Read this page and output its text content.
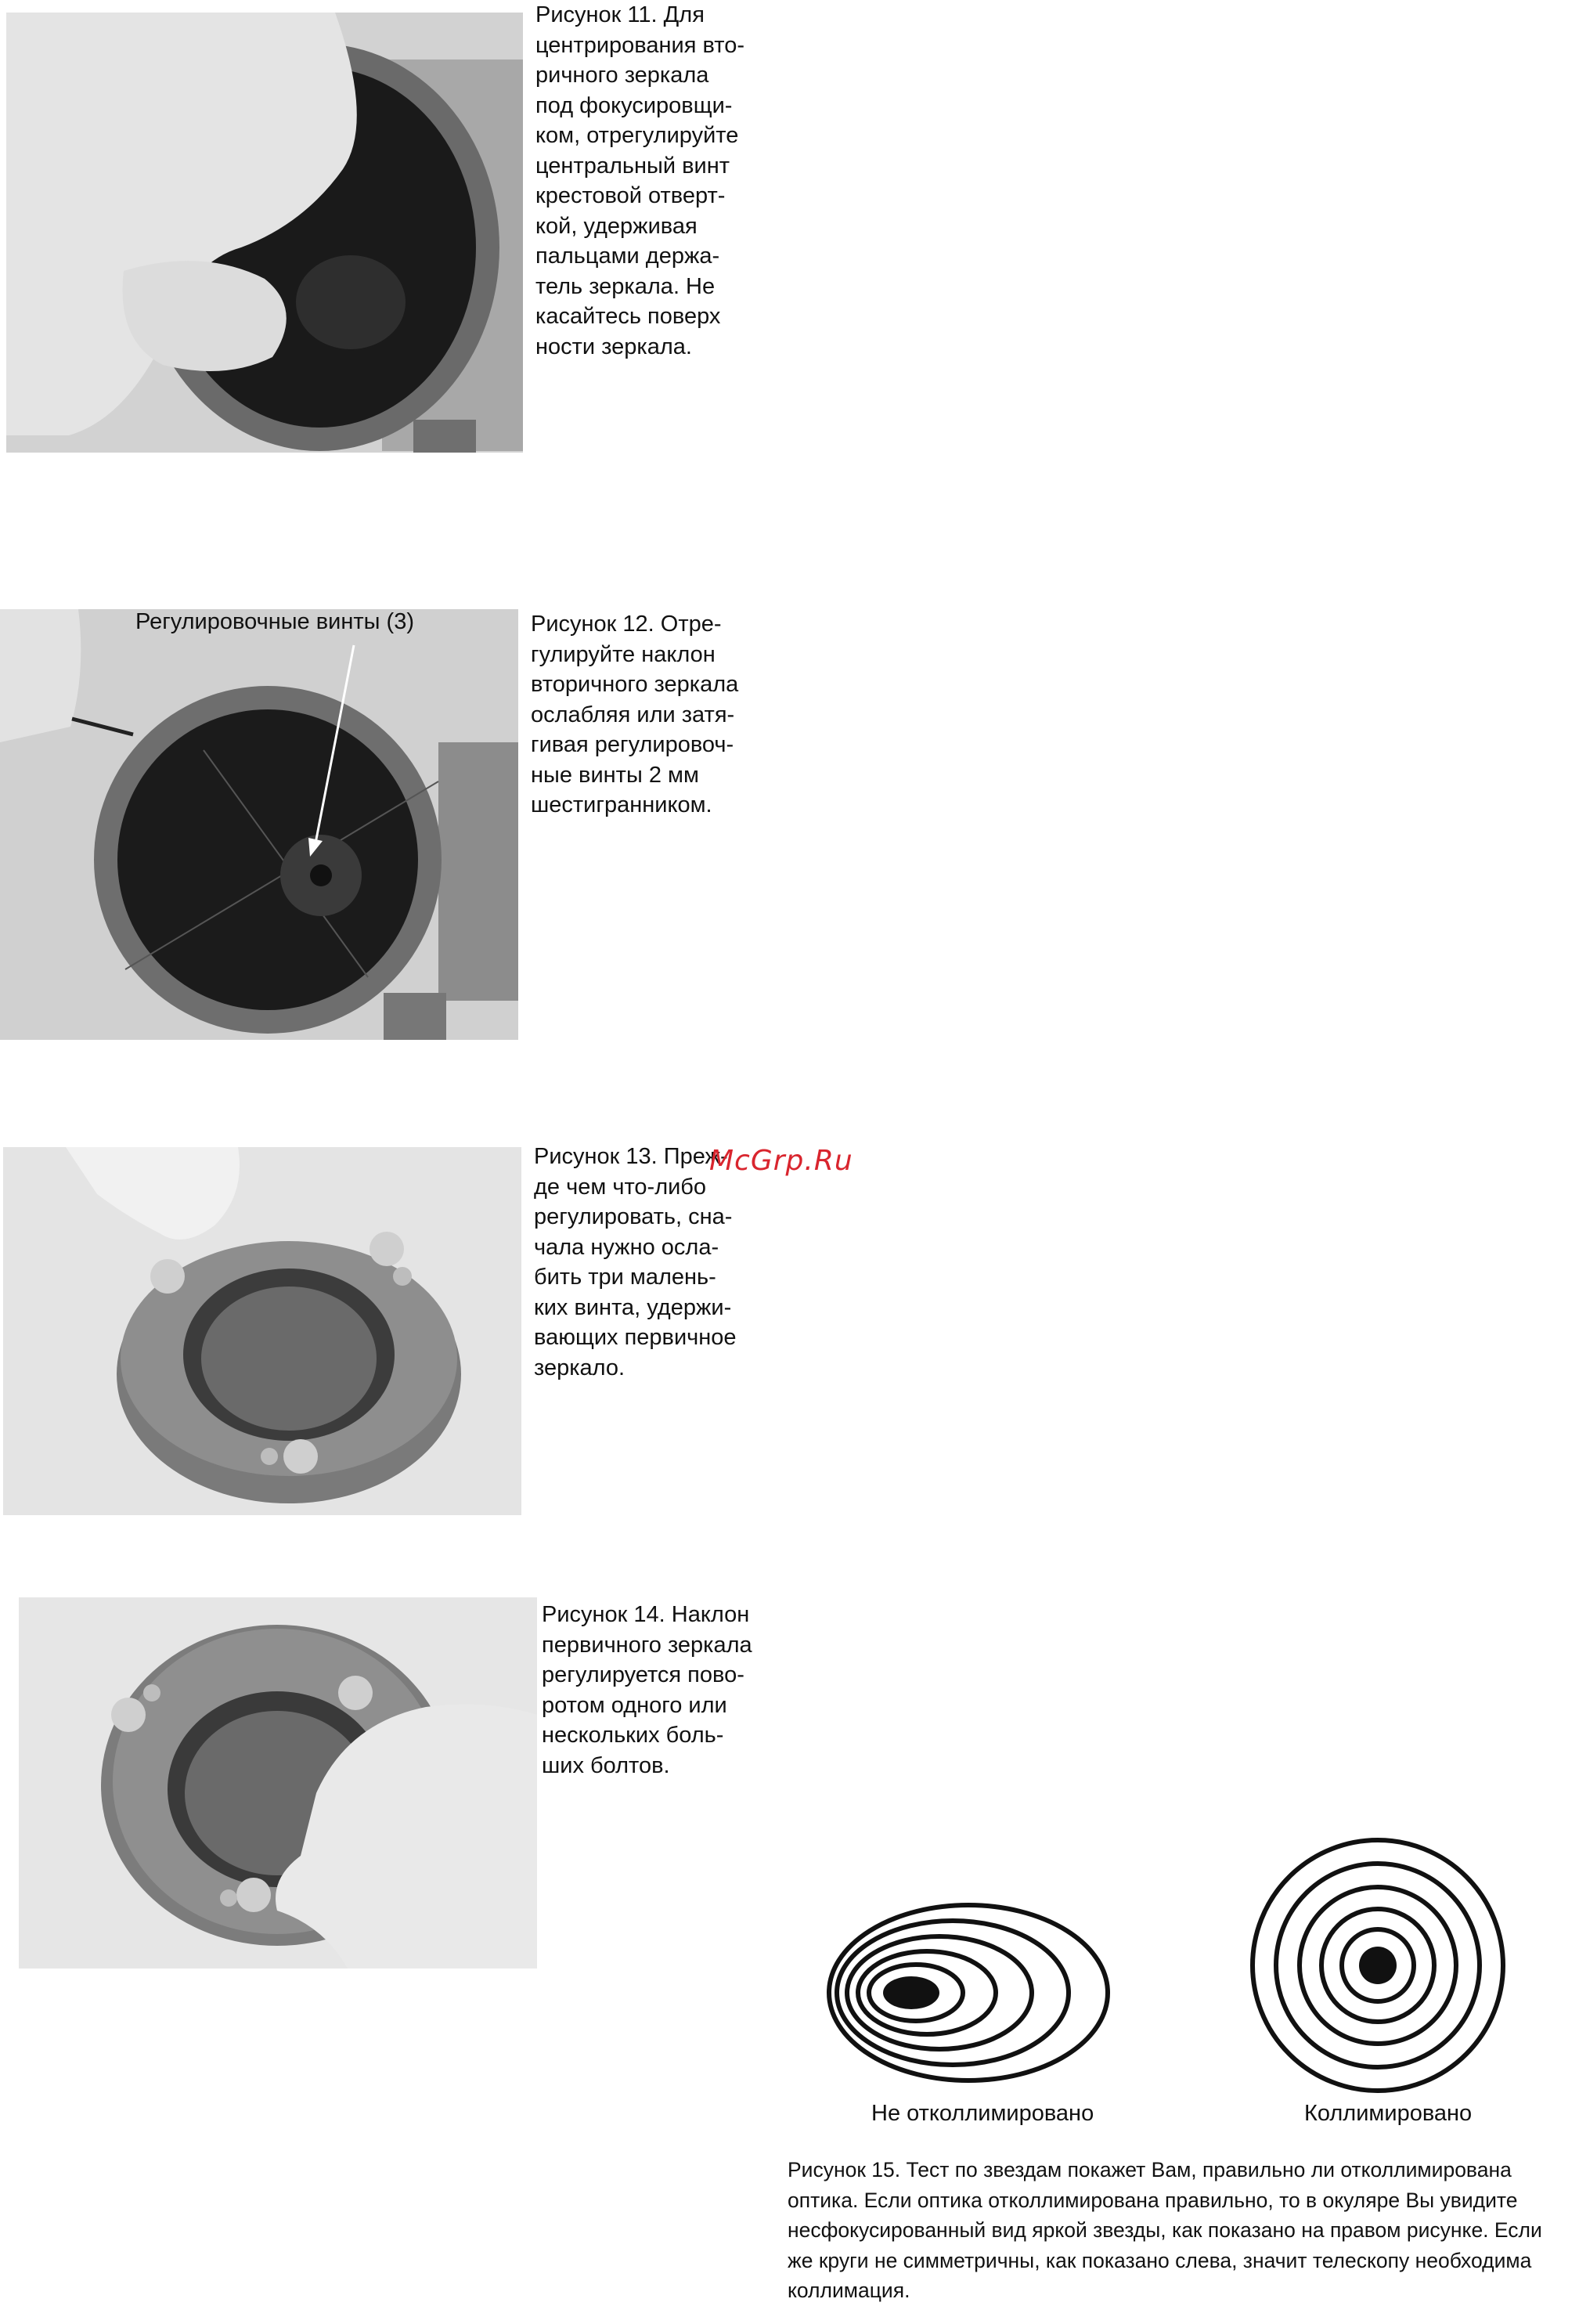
Рисунок 11. Для
центрирования вто-
ричного зеркала
под фокусировщи-
ком, отрегулируйте
центральный винт
крестовой отверт-
кой, удерживая
пальцами держа-
тель зеркала. Не
касайтесь поверх
ности зеркала.
Регулировочные винты (3)	Рисунок 12. Отре-
гулируйте наклон
вторичного зеркала
ослабляя или затя-
гивая регулировоч-
ные винты 2 мм
шестигранником.
Рисунок 13. Преж-
де чем что-либо
регулировать, сна-
чала нужно осла-
бить три малень-
ких винта, удержи-
вающих первичное
зеркало.
Рисунок 14. Наклон
первичного зеркала
регулируется пово-
ротом одного или
нескольких боль-
ших болтов.
McGrp.Ru
Не отколлимировано	Коллимировано
Рисунок 15. Тест по звездам покажет Вам, правильно ли отколлимирована оптика. Если оптика отколлимирована правильно, то в окуляре Вы увидите несфокусированный вид яркой звезды, как показано на правом рисунке. Если же круги не симметричны, как показано слева, значит телескопу необходима коллимация.
